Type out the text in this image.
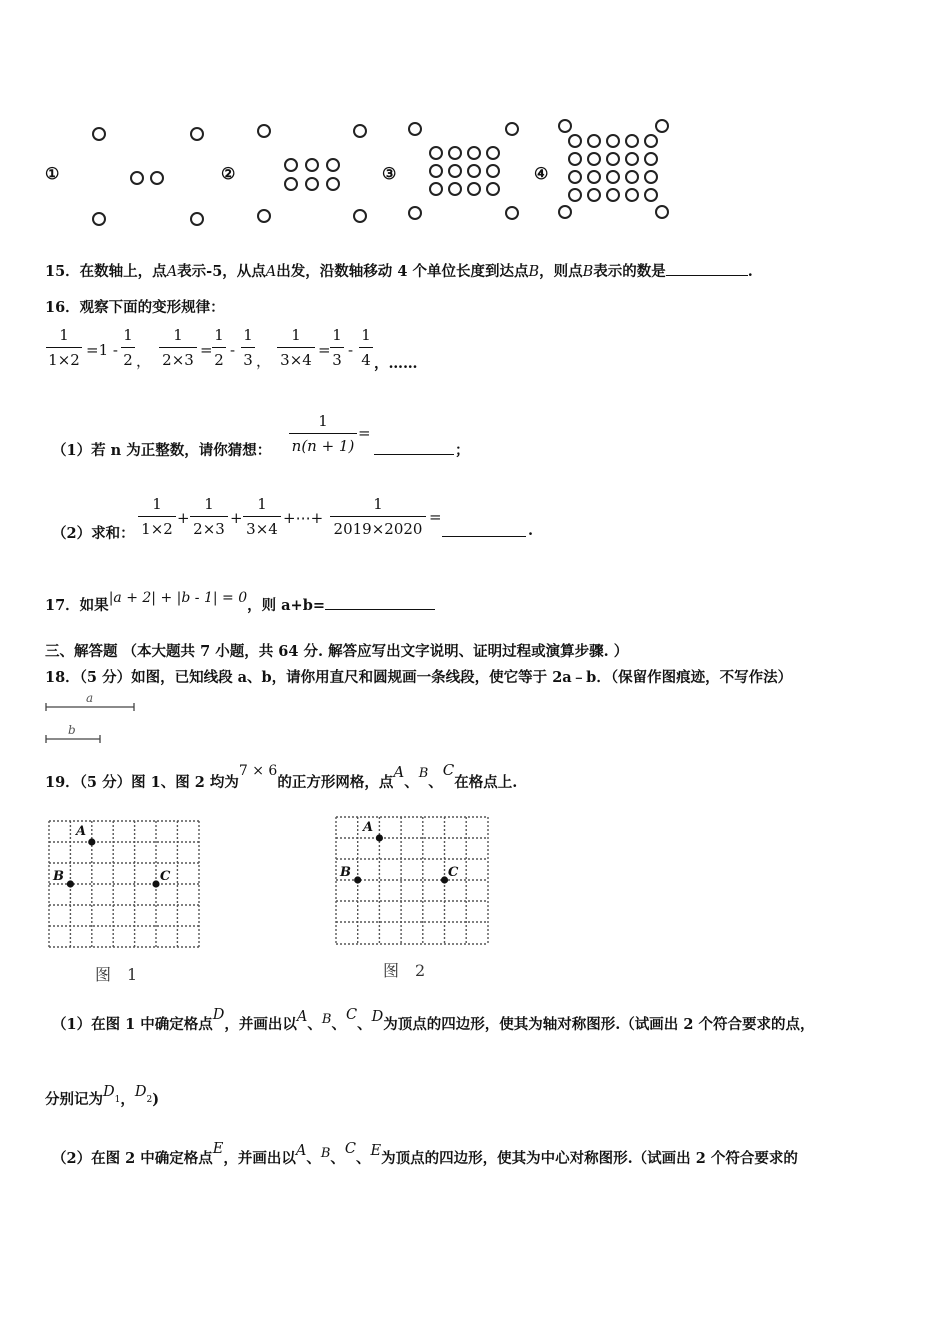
①	②	③	④
15．在数轴上，点A表示-5，从点A出发，沿数轴移动 4 个单位长度到达点B，则点B表示的数是	.
16．观察下面的变形规律：
1
1×2
=1 -
1
2 ，
1
2×3
=
1
2
-
1
3 ，
1
3×4
=
1
3
-
1
4 ，……
（1）若 n 为正整数，请你猜想：
1
n(n + 1)
=
；
（2）求和：
1
1×2
+
1
2×3
+
1
3×4
+⋯+
1
2019×2020
=
.
17．如果|a + 2| + |b - 1| = 0，则 a+b=
三、解答题 （本大题共 7 小题，共 64 分. 解答应写出文字说明、证明过程或演算步骤. ）
18．（5 分）如图，已知线段 a、b，请你用直尺和圆规画一条线段，使它等于 2a﹣b．（保留作图痕迹，不写作法）
a
b
19．（5 分）图 1、图 2 均为7 × 6的正方形网格，点A、B、C在格点上.
A
B	C
图　1
A
B	C
图　2
（1）在图 1 中确定格点D，并画出以A、B、C、D为顶点的四边形，使其为轴对称图形.（试画出 2 个符合要求的点，
分别记为D1，D2)
（2）在图 2 中确定格点E，并画出以A、B、C、E为顶点的四边形，使其为中心对称图形.（试画出 2 个符合要求的
